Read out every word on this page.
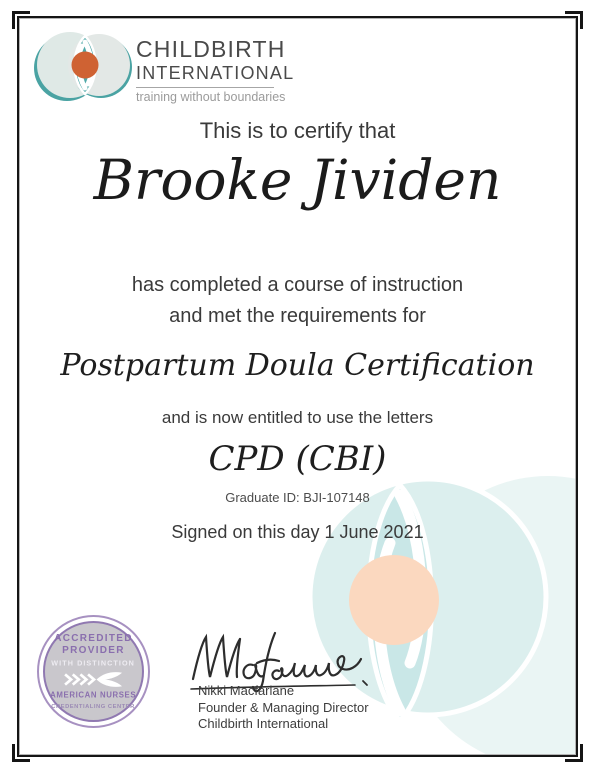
CHILDBIRTH
INTERNATIONAL
training without boundaries
This is to certify that
Brooke Jividen
has completed a course of instruction
and met the requirements for
Postpartum Doula Certification
and is now entitled to use the letters
CPD (CBI)
Graduate ID: BJI-107148
Signed on this day 1 June 2021
ACCREDITED
PROVIDER
WITH DISTINCTION
AMERICAN NURSES
CREDENTIALING CENTER
Nikki Macfarlane
Founder & Managing Director
Childbirth International
